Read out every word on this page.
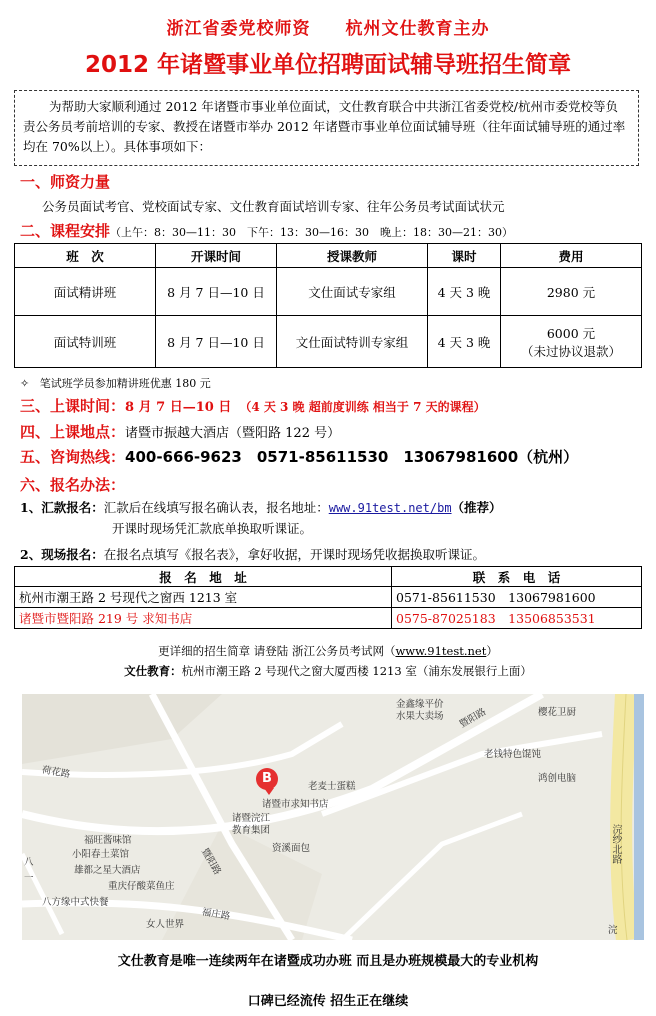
浙江省委党校师资 杭州文仕教育主办
2012 年诸暨事业单位招聘面试辅导班招生简章
为帮助大家顺利通过 2012 年诸暨市事业单位面试，文仕教育联合中共浙江省委党校/杭州市委党校等负责公务员考前培训的专家、教授在诸暨市举办 2012 年诸暨市事业单位面试辅导班（往年面试辅导班的通过率均在 70%以上）。具体事项如下：
一、师资力量
公务员面试考官、党校面试专家、文仕教育面试培训专家、往年公务员考试面试状元
二、课程安排（上午：8：30—11：30　下午：13：30—16：30　晚上：18：30—21：30）
班　次	开课时间	授课教师	课时	费用
面试精讲班	8 月 7 日—10 日	文仕面试专家组	4 天 3 晚	2980 元

面试特训班	8 月 7 日—10 日	文仕面试特训专家组	4 天 3 晚	6000 元
（未过协议退款）
✧ 笔试班学员参加精讲班优惠 180 元
三、上课时间：8 月 7 日—10 日 （4 天 3 晚 超前度训练 相当于 7 天的课程）
四、上课地点：诸暨市振越大酒店（暨阳路 122 号）
五、咨询热线：400-666-9623　0571-85611530　13067981600（杭州）
六、报名办法：
1、汇款报名：汇款后在线填写报名确认表，报名地址：www.91test.net/bm（推荐）
开课时现场凭汇款底单换取听课证。
2、现场报名：在报名点填写《报名表》，拿好收据，开课时现场凭收据换取听课证。
报　名　地　址	联　系　电　话
杭州市潮王路 2 号现代之窗西 1213 室	0571-85611530　13067981600
诸暨市暨阳路 219 号 求知书店	0575-87025183　13506853531
更详细的招生简章 请登陆 浙江公务员考试网（www.91test.net）
文仕教育：杭州市潮王路 2 号现代之窗大厦西楼 1213 室（浦东发展银行上面）
B
金鑫缘平价
水果大卖场	樱花卫厨
暨阳路
老钱特色馄饨
荷花路
老麦士蛋糕
鸿创电脑
诸暨市求知书店
浣纱北路
诸暨浣江
教育集团
福旺酱味馆
小阳春土菜馆
雄都之星大酒店
资溪面包
暨阳路
重庆仔酸菜鱼庄
八方缘中式快餐
福庄路
女人世界
八
一
浣
文仕教育是唯一连续两年在诸暨成功办班 而且是办班规模最大的专业机构
口碑已经流传 招生正在继续
